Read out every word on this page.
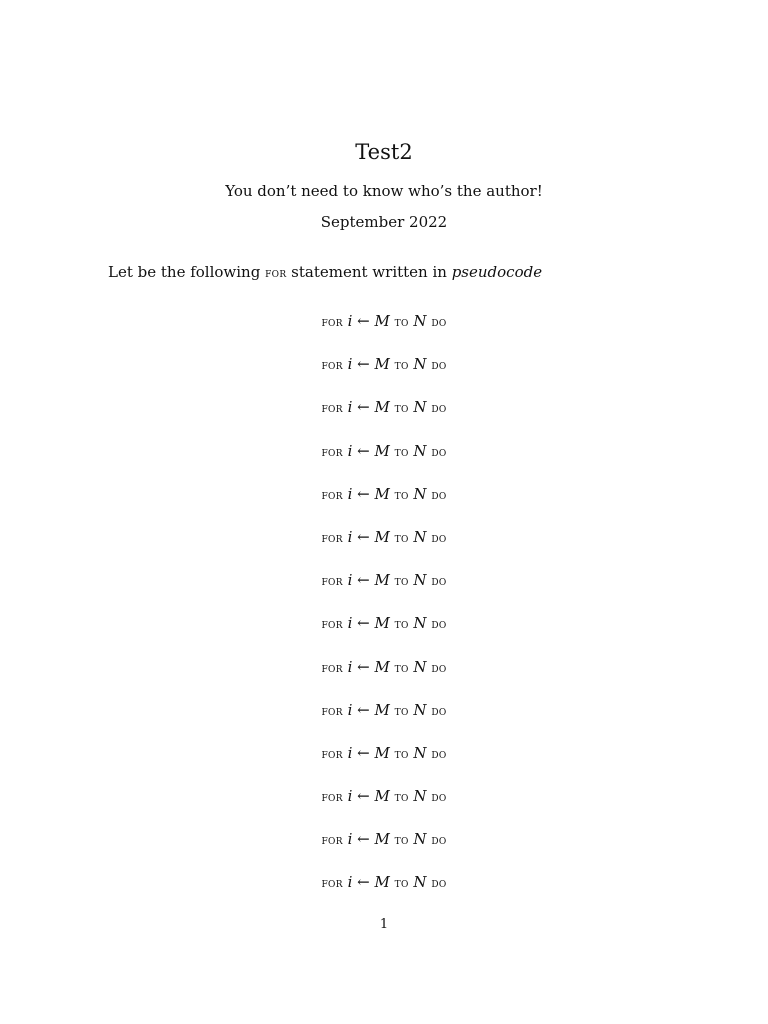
Test2
You don’t need to know who’s the author!
September 2022

Let be the following for statement written in pseudocode

for i ← M to N do
for i ← M to N do
for i ← M to N do
for i ← M to N do
for i ← M to N do
for i ← M to N do
for i ← M to N do
for i ← M to N do
for i ← M to N do
for i ← M to N do
for i ← M to N do
for i ← M to N do
for i ← M to N do
for i ← M to N do
1
